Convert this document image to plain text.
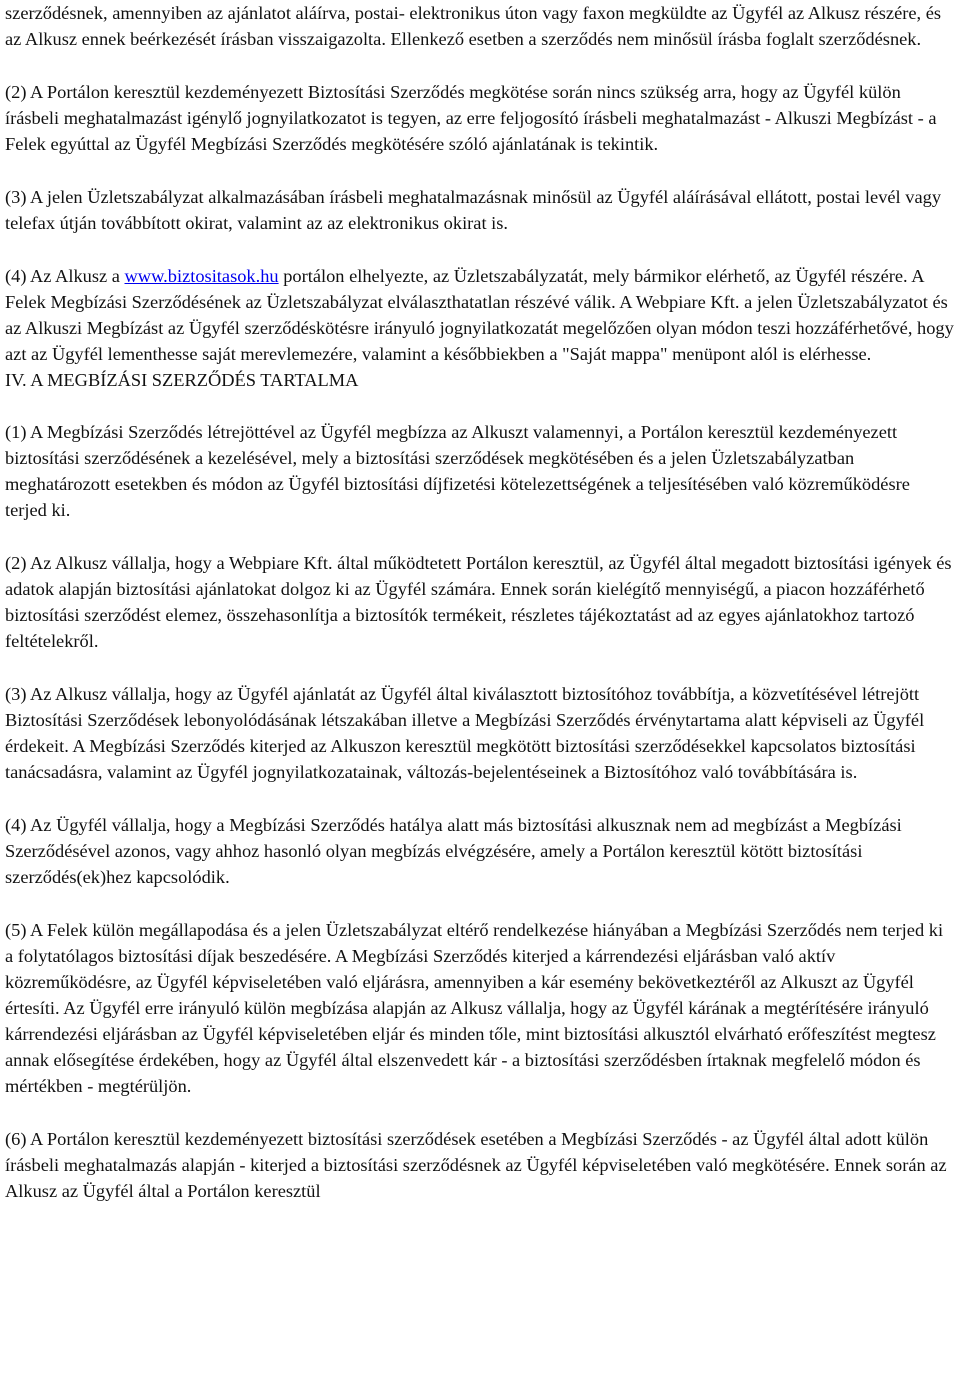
szerződésnek, amennyiben az ajánlatot aláírva, postai- elektronikus úton vagy faxon megküldte az Ügyfél az Alkusz részére, és az Alkusz ennek beérkezését írásban visszaigazolta. Ellenkező esetben a szerződés nem minősül írásba foglalt szerződésnek.

(2) A Portálon keresztül kezdeményezett Biztosítási Szerződés megkötése során nincs szükség arra, hogy az Ügyfél külön írásbeli meghatalmazást igénylő jognyilatkozatot is tegyen, az erre feljogosító írásbeli meghatalmazást - Alkuszi Megbízást - a Felek egyúttal az Ügyfél Megbízási Szerződés megkötésére szóló ajánlatának is tekintik.

(3) A jelen Üzletszabályzat alkalmazásában írásbeli meghatalmazásnak minősül az Ügyfél aláírásával ellátott, postai levél vagy telefax útján továbbított okirat, valamint az az elektronikus okirat is.

(4) Az Alkusz a www.biztositasok.hu portálon elhelyezte, az Üzletszabályzatát, mely bármikor elérhető, az Ügyfél részére. A Felek Megbízási Szerződésének az Üzletszabályzat elválaszthatatlan részévé válik. A Webpiare Kft. a jelen Üzletszabályzatot és az Alkuszi Megbízást az Ügyfél szerződéskötésre irányuló jognyilatkozatát megelőzően olyan módon teszi hozzáférhetővé, hogy azt az Ügyfél lementhesse saját merevlemezére, valamint a későbbiekben a "Saját mappa" menüpont alól is elérhesse.

IV. A MEGBÍZÁSI SZERZŐDÉS TARTALMA

(1) A Megbízási Szerződés létrejöttével az Ügyfél megbízza az Alkuszt valamennyi, a Portálon keresztül kezdeményezett biztosítási szerződésének a kezelésével, mely a biztosítási szerződések megkötésében és a jelen Üzletszabályzatban meghatározott esetekben és módon az Ügyfél biztosítási díjfizetési kötelezettségének a teljesítésében való közreműködésre terjed ki.

(2) Az Alkusz vállalja, hogy a Webpiare Kft. által működtetett Portálon keresztül, az Ügyfél által megadott biztosítási igények és adatok alapján biztosítási ajánlatokat dolgoz ki az Ügyfél számára. Ennek során kielégítő mennyiségű, a piacon hozzáférhető biztosítási szerződést elemez, összehasonlítja a biztosítók termékeit, részletes tájékoztatást ad az egyes ajánlatokhoz tartozó feltételekről.

(3) Az Alkusz vállalja, hogy az Ügyfél ajánlatát az Ügyfél által kiválasztott biztosítóhoz továbbítja, a közvetítésével létrejött Biztosítási Szerződések lebonyolódásának létszakában illetve a Megbízási Szerződés érvénytartama alatt képviseli az Ügyfél érdekeit. A Megbízási Szerződés kiterjed az Alkuszon keresztül megkötött biztosítási szerződésekkel kapcsolatos biztosítási tanácsadásra, valamint az Ügyfél jognyilatkozatainak, változás-bejelentéseinek a Biztosítóhoz való továbbítására is.

(4) Az Ügyfél vállalja, hogy a Megbízási Szerződés hatálya alatt más biztosítási alkusznak nem ad megbízást a Megbízási Szerződésével azonos, vagy ahhoz hasonló olyan megbízás elvégzésére, amely a Portálon keresztül kötött biztosítási szerződés(ek)hez kapcsolódik.

(5) A Felek külön megállapodása és a jelen Üzletszabályzat eltérő rendelkezése hiányában a Megbízási Szerződés nem terjed ki a folytatólagos biztosítási díjak beszedésére. A Megbízási Szerződés kiterjed a kárrendezési eljárásban való aktív közreműködésre, az Ügyfél képviseletében való eljárásra, amennyiben a kár esemény bekövetkeztéről az Alkuszt az Ügyfél értesíti. Az Ügyfél erre irányuló külön megbízása alapján az Alkusz vállalja, hogy az Ügyfél kárának a megtérítésére irányuló kárrendezési eljárásban az Ügyfél képviseletében eljár és minden tőle, mint biztosítási alkusztól elvárható erőfeszítést megtesz annak elősegítése érdekében, hogy az Ügyfél által elszenvedett kár - a biztosítási szerződésben írtaknak megfelelő módon és mértékben - megtérüljön.

(6) A Portálon keresztül kezdeményezett biztosítási szerződések esetében a Megbízási Szerződés - az Ügyfél által adott külön írásbeli meghatalmazás alapján - kiterjed a biztosítási szerződésnek az Ügyfél képviseletében való megkötésére. Ennek során az Alkusz az Ügyfél által a Portálon keresztül
